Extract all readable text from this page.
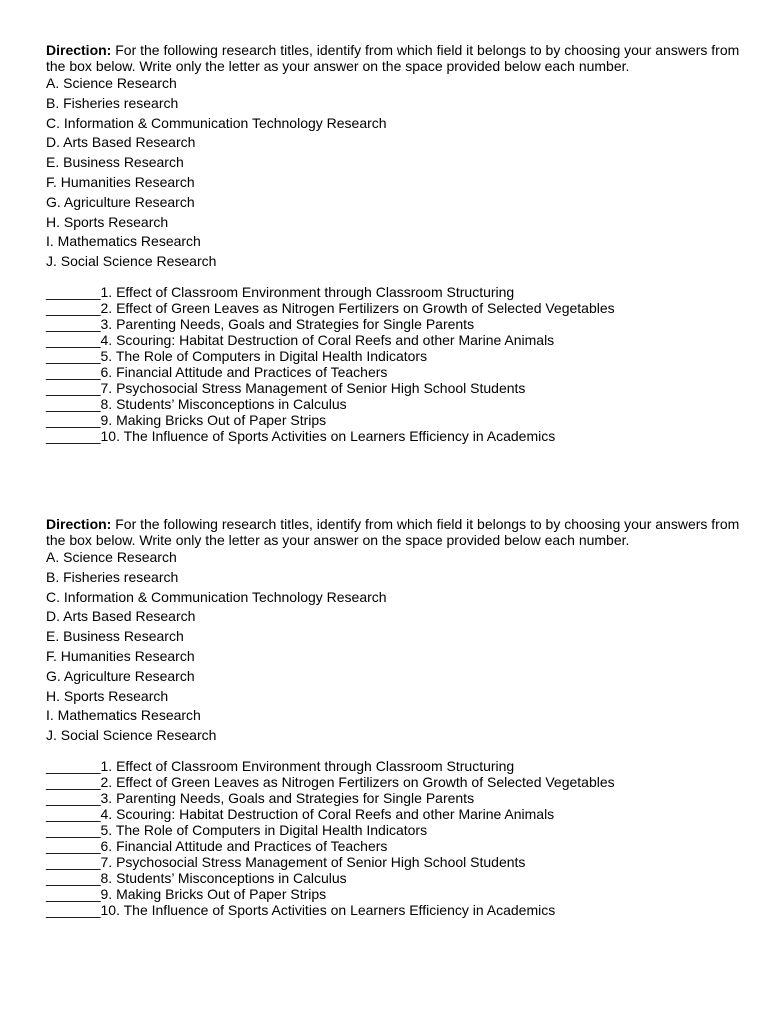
Direction: For the following research titles, identify from which field it belongs to by choosing your answers from the box below. Write only the letter as your answer on the space provided below each number.

A. Science Research
B. Fisheries research
C. Information & Communication Technology Research
D. Arts Based Research
E. Business Research
F. Humanities Research
G. Agriculture Research
H. Sports Research
I. Mathematics Research
J. Social Science Research
_______1. Effect of Classroom Environment through Classroom Structuring
_______2. Effect of Green Leaves as Nitrogen Fertilizers on Growth of Selected Vegetables
_______3. Parenting Needs, Goals and Strategies for Single Parents
_______4. Scouring: Habitat Destruction of Coral Reefs and other Marine Animals
_______5. The Role of Computers in Digital Health Indicators
_______6. Financial Attitude and Practices of Teachers
_______7. Psychosocial Stress Management of Senior High School Students
_______8. Students’ Misconceptions in Calculus
_______9. Making Bricks Out of Paper Strips
_______10. The Influence of Sports Activities on Learners Efficiency in Academics

Direction: For the following research titles, identify from which field it belongs to by choosing your answers from the box below. Write only the letter as your answer on the space provided below each number.

A. Science Research
B. Fisheries research
C. Information & Communication Technology Research
D. Arts Based Research
E. Business Research
F. Humanities Research
G. Agriculture Research
H. Sports Research
I. Mathematics Research
J. Social Science Research
_______1. Effect of Classroom Environment through Classroom Structuring
_______2. Effect of Green Leaves as Nitrogen Fertilizers on Growth of Selected Vegetables
_______3. Parenting Needs, Goals and Strategies for Single Parents
_______4. Scouring: Habitat Destruction of Coral Reefs and other Marine Animals
_______5. The Role of Computers in Digital Health Indicators
_______6. Financial Attitude and Practices of Teachers
_______7. Psychosocial Stress Management of Senior High School Students
_______8. Students’ Misconceptions in Calculus
_______9. Making Bricks Out of Paper Strips
_______10. The Influence of Sports Activities on Learners Efficiency in Academics
